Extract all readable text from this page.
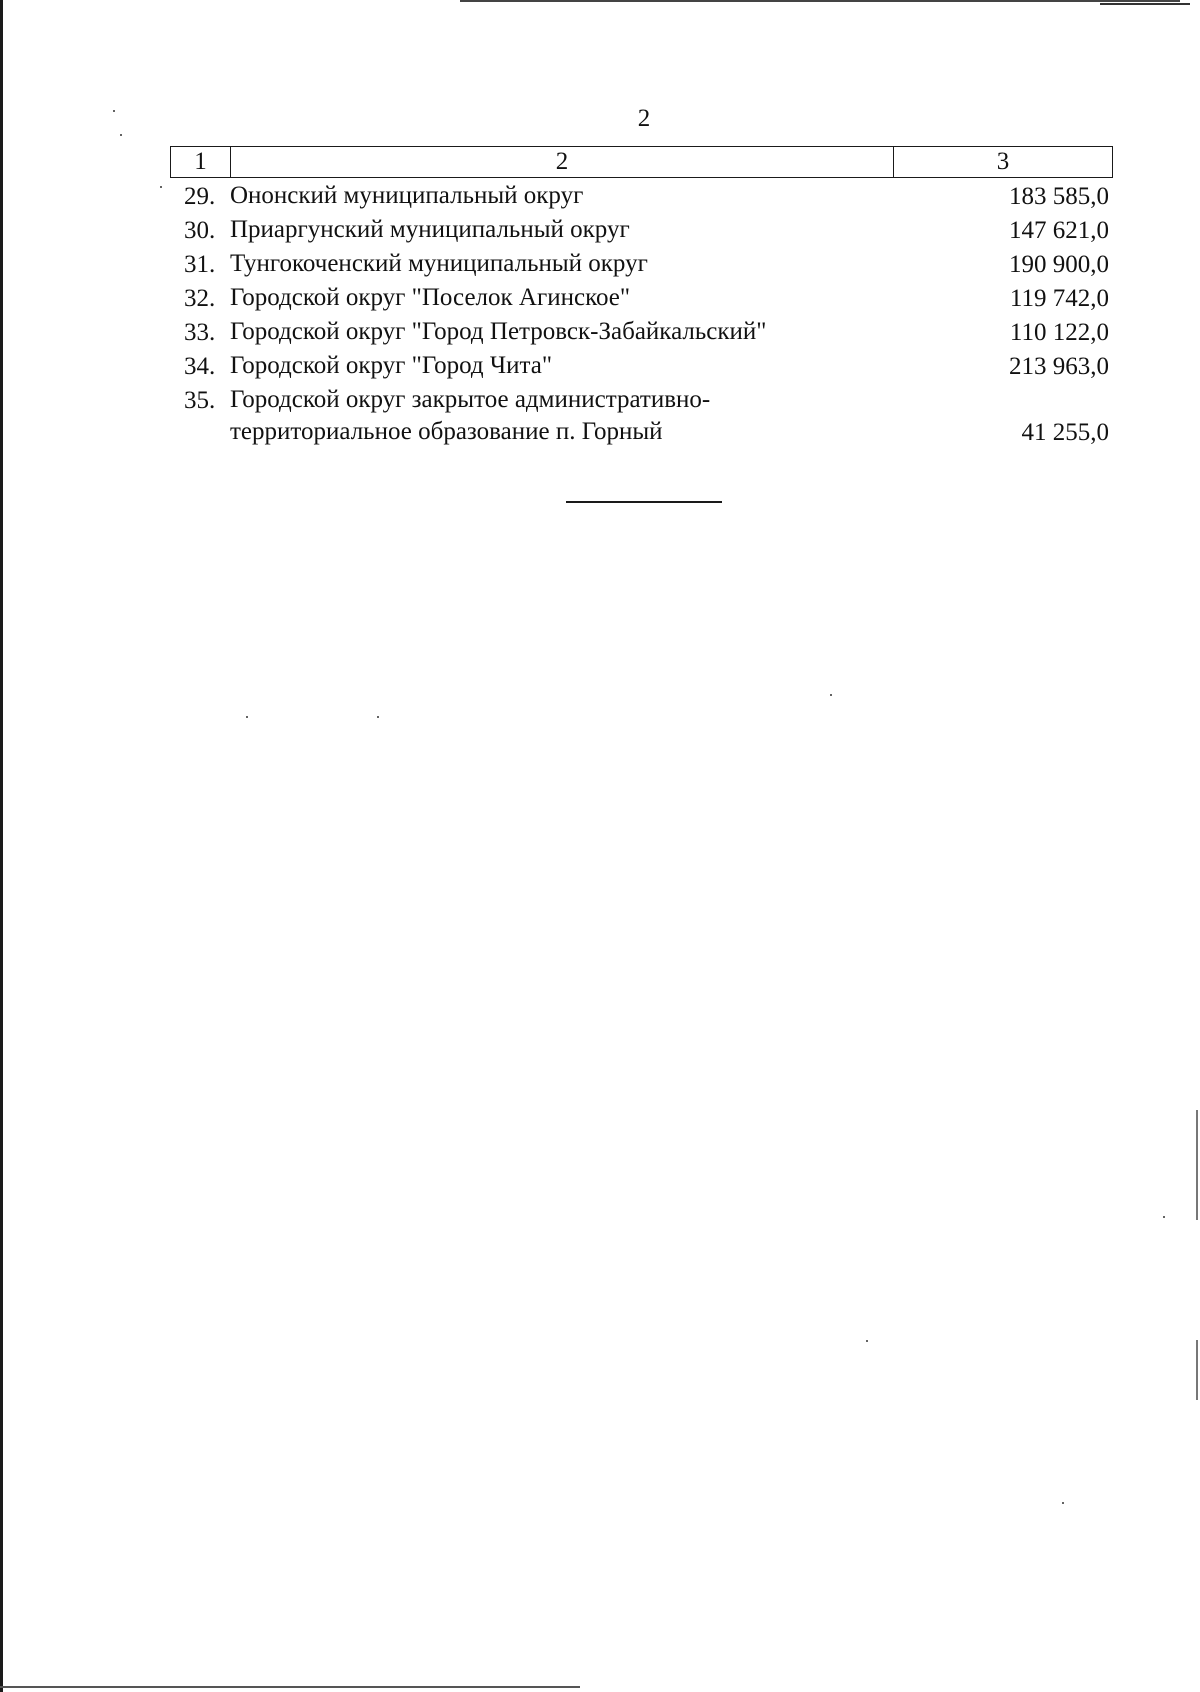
2
1	2	3
29. Ононский муниципальный округ	183 585,0
30. Приаргунский муниципальный округ	147 621,0
31. Тунгокоченский муниципальный округ	190 900,0
32. Городской округ "Поселок Агинское"	119 742,0
33. Городской округ "Город Петровск-Забайкальский"	110 122,0
34. Городской округ "Город Чита"	213 963,0
35. Городской округ закрытое административно-
территориальное образование п. Горный	41 255,0
